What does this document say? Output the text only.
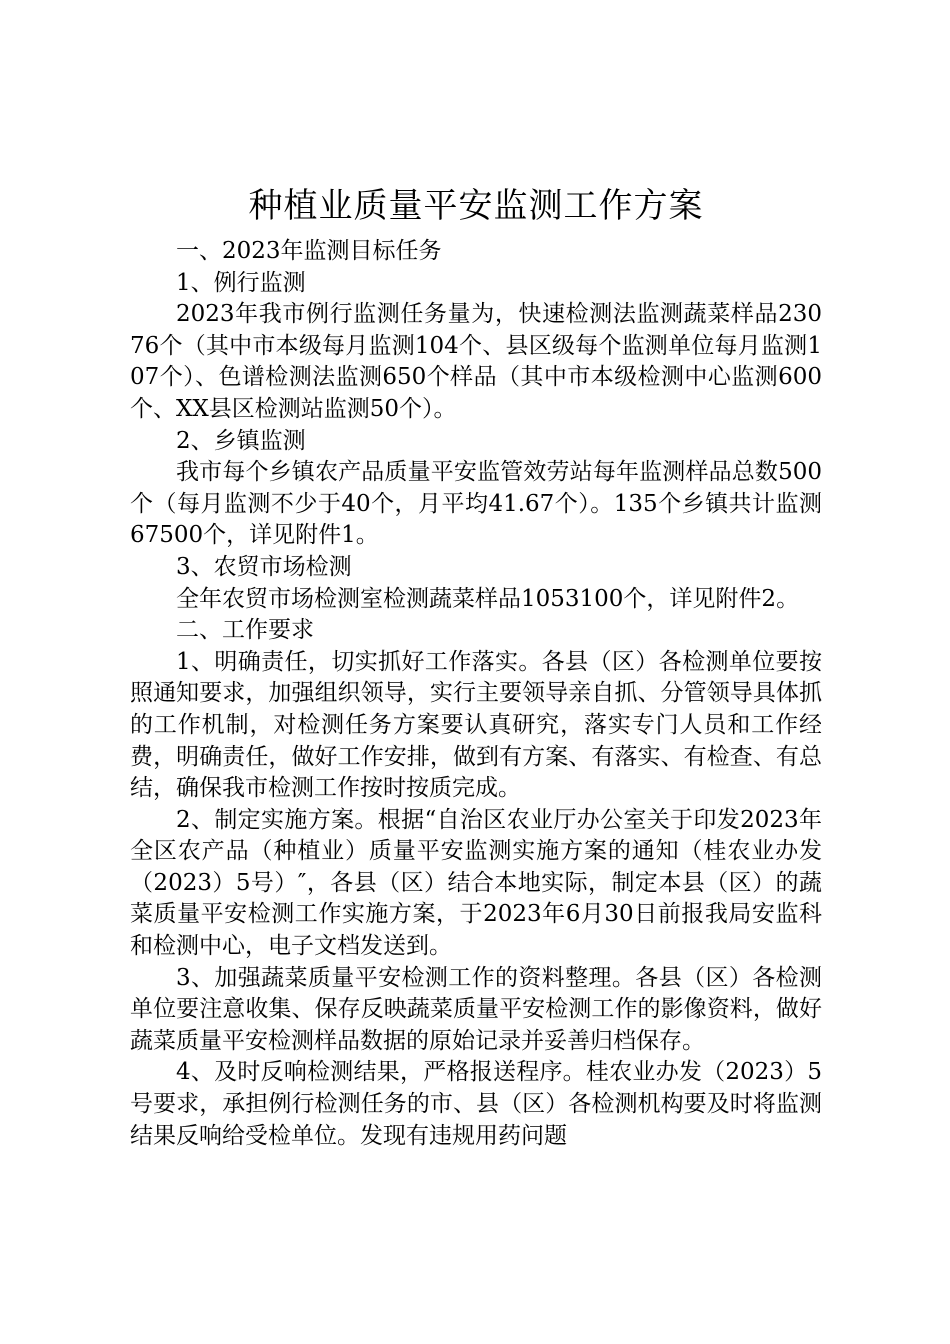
种植业质量平安监测工作方案
一、2023年监测目标任务
1、例行监测

2023年我市例行监测任务量为，快速检测法监测蔬菜样品23076个（其中市本级每月监测104个、县区级每个监测单位每月监测107个）、色谱检测法监测650个样品（其中市本级检测中心监测600个、XX县区检测站监测50个）。

2、乡镇监测

我市每个乡镇农产品质量平安监管效劳站每年监测样品总数500个（每月监测不少于40个，月平均41.67个）。135个乡镇共计监测67500个，详见附件1。

3、农贸市场检测

全年农贸市场检测室检测蔬菜样品1053100个，详见附件2。

二、工作要求

1、明确责任，切实抓好工作落实。各县（区）各检测单位要按照通知要求，加强组织领导，实行主要领导亲自抓、分管领导具体抓的工作机制，对检测任务方案要认真研究，落实专门人员和工作经费，明确责任，做好工作安排，做到有方案、有落实、有检查、有总结，确保我市检测工作按时按质完成。

2、制定实施方案。根据“自治区农业厅办公室关于印发2023年全区农产品（种植业）质量平安监测实施方案的通知（桂农业办发（2023）5号）″，各县（区）结合本地实际，制定本县（区）的蔬菜质量平安检测工作实施方案，于2023年6月30日前报我局安监科和检测中心，电子文档发送到。

3、加强蔬菜质量平安检测工作的资料整理。各县（区）各检测单位要注意收集、保存反映蔬菜质量平安检测工作的影像资料，做好蔬菜质量平安检测样品数据的原始记录并妥善归档保存。

4、及时反响检测结果，严格报送程序。桂农业办发（2023）5号要求，承担例行检测任务的市、县（区）各检测机构要及时将监测结果反响给受检单位。发现有违规用药问题
